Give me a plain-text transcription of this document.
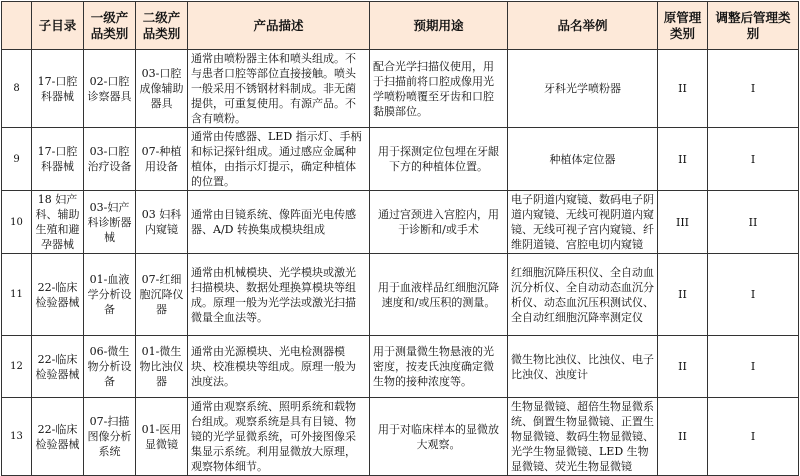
	子目录	一级产品类别	二级产品类别	产品描述	预期用途	品名举例	原管理类别	调整后管理类别
8	17-口腔科器械	02-口腔诊察器具	03-口腔成像辅助器具	通常由喷粉器主体和喷头组成。不与患者口腔等部位直接接触。喷头一般采用不锈钢材料制成。非无菌提供，可重复使用。有源产品。不含有喷粉。	配合光学扫描仪使用，用于扫描前将口腔成像用光学喷粉喷覆至牙齿和口腔黏膜部位。	牙科光学喷粉器	II	I
9	17-口腔科器械	03-口腔治疗设备	07-种植用设备	通常由传感器、LED 指示灯、手柄和标记探针组成。通过感应金属种植体，由指示灯提示，确定种植体的位置。	用于探测定位包埋在牙龈下方的种植体位置。	种植体定位器	II	I
10	18 妇产科、辅助生殖和避孕器械	03-妇产科诊断器械	03 妇科内窥镜	通常由目镜系统、像阵面光电传感器、A/D 转换集成模块组成	通过宫颈进入宫腔内，用于诊断和/或手术	电子阴道内窥镜、数码电子阴道内窥镜、无线可视阴道内窥镜、无线可视子宫内窥镜、纤维阴道镜、宫腔电切内窥镜	III	II
11	22-临床检验器械	01-血液学分析设备	07-红细胞沉降仪器	通常由机械模块、光学模块或激光扫描模块、数据处理换算模块等组成。原理一般为光学法或激光扫描微量全血法等。	用于血液样品红细胞沉降速度和/或压积的测量。	红细胞沉降压积仪、全自动血沉分析仪、全自动动态血沉分析仪、动态血沉压积测试仪、全自动红细胞沉降率测定仪	II	I
12	22-临床检验器械	06-微生物分析设备	01-微生物比浊仪器	通常由光源模块、光电检测器模块、校准模块等组成。原理一般为浊度法。	用于测量微生物悬液的光密度，按麦氏浊度确定微生物的接种浓度等。	微生物比浊仪、比浊仪、电子比浊仪、浊度计	II	I
13	22-临床检验器械	07-扫描图像分析系统	01-医用显微镜	通常由观察系统、照明系统和载物台组成。观察系统是具有目镜、物镜的光学显微系统，可外接图像采集显示系统。利用显微放大原理，观察物体细节。	用于对临床样本的显微放大观察。	生物显微镜、超倍生物显微系统、倒置生物显微镜、正置生物显微镜、数码生物显微镜、光学生物显微镜、LED 生物显微镜、荧光生物显微镜	II	I
